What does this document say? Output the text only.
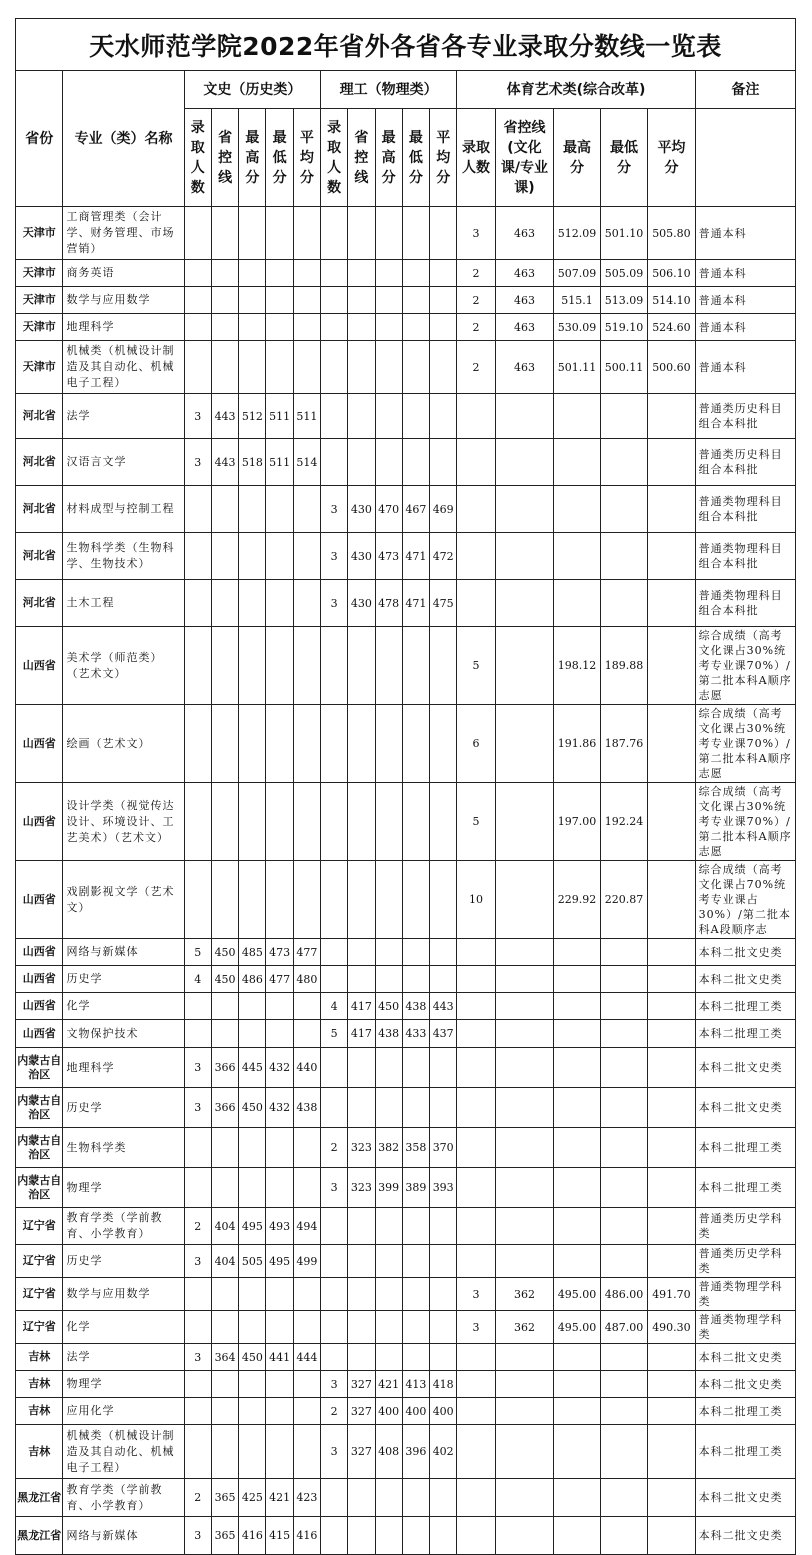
天水师范学院2022年省外各省各专业录取分数线一览表																	
省份	专业（类）名称	文史（历史类）					理工（物理类）					体育艺术类(综合改革)					备注
		录取人数	省控线	最高分	最低分	平均分	录取人数	省控线	最高分	最低分	平均分	录取人数	省控线(文化课/专业课)	最高分	最低分	平均分	
天津市	工商管理类（会计学、财务管理、市场营销）											3	463	512.09	501.10	505.80	普通本科
天津市	商务英语											2	463	507.09	505.09	506.10	普通本科
天津市	数学与应用数学											2	463	515.1	513.09	514.10	普通本科
天津市	地理科学											2	463	530.09	519.10	524.60	普通本科
天津市	机械类（机械设计制造及其自动化、机械电子工程）											2	463	501.11	500.11	500.60	普通本科
河北省	法学	3	443	512	511	511											普通类历史科目组合本科批
河北省	汉语言文学	3	443	518	511	514											普通类历史科目组合本科批
河北省	材料成型与控制工程						3	430	470	467	469						普通类物理科目组合本科批
河北省	生物科学类（生物科学、生物技术）						3	430	473	471	472						普通类物理科目组合本科批
河北省	土木工程						3	430	478	471	475						普通类物理科目组合本科批
山西省	美术学（师范类）（艺术文）											5		198.12	189.88		综合成绩（高考文化课占30%统考专业课70%）/第二批本科A顺序志愿
山西省	绘画（艺术文）											6		191.86	187.76		综合成绩（高考文化课占30%统考专业课70%）/第二批本科A顺序志愿
山西省	设计学类（视觉传达设计、环境设计、工艺美术）（艺术文）											5		197.00	192.24		综合成绩（高考文化课占30%统考专业课70%）/第二批本科A顺序志愿
山西省	戏剧影视文学（艺术文）											10		229.92	220.87		综合成绩（高考文化课占70%统考专业课占30%）/第二批本科A段顺序志
山西省	网络与新媒体	5	450	485	473	477											本科二批文史类
山西省	历史学	4	450	486	477	480											本科二批文史类
山西省	化学						4	417	450	438	443						本科二批理工类
山西省	文物保护技术						5	417	438	433	437						本科二批理工类
内蒙古自治区	地理科学	3	366	445	432	440											本科二批文史类
内蒙古自治区	历史学	3	366	450	432	438											本科二批文史类
内蒙古自治区	生物科学类						2	323	382	358	370						本科二批理工类
内蒙古自治区	物理学						3	323	399	389	393						本科二批理工类
辽宁省	教育学类（学前教育、小学教育）	2	404	495	493	494											普通类历史学科类
辽宁省	历史学	3	404	505	495	499											普通类历史学科类
辽宁省	数学与应用数学											3	362	495.00	486.00	491.70	普通类物理学科类
辽宁省	化学											3	362	495.00	487.00	490.30	普通类物理学科类
吉林	法学	3	364	450	441	444											本科二批文史类
吉林	物理学						3	327	421	413	418						本科二批文史类
吉林	应用化学						2	327	400	400	400						本科二批理工类
吉林	机械类（机械设计制造及其自动化、机械电子工程）						3	327	408	396	402						本科二批理工类
黑龙江省	教育学类（学前教育、小学教育）	2	365	425	421	423											本科二批文史类
黑龙江省	网络与新媒体	3	365	416	415	416											本科二批文史类
